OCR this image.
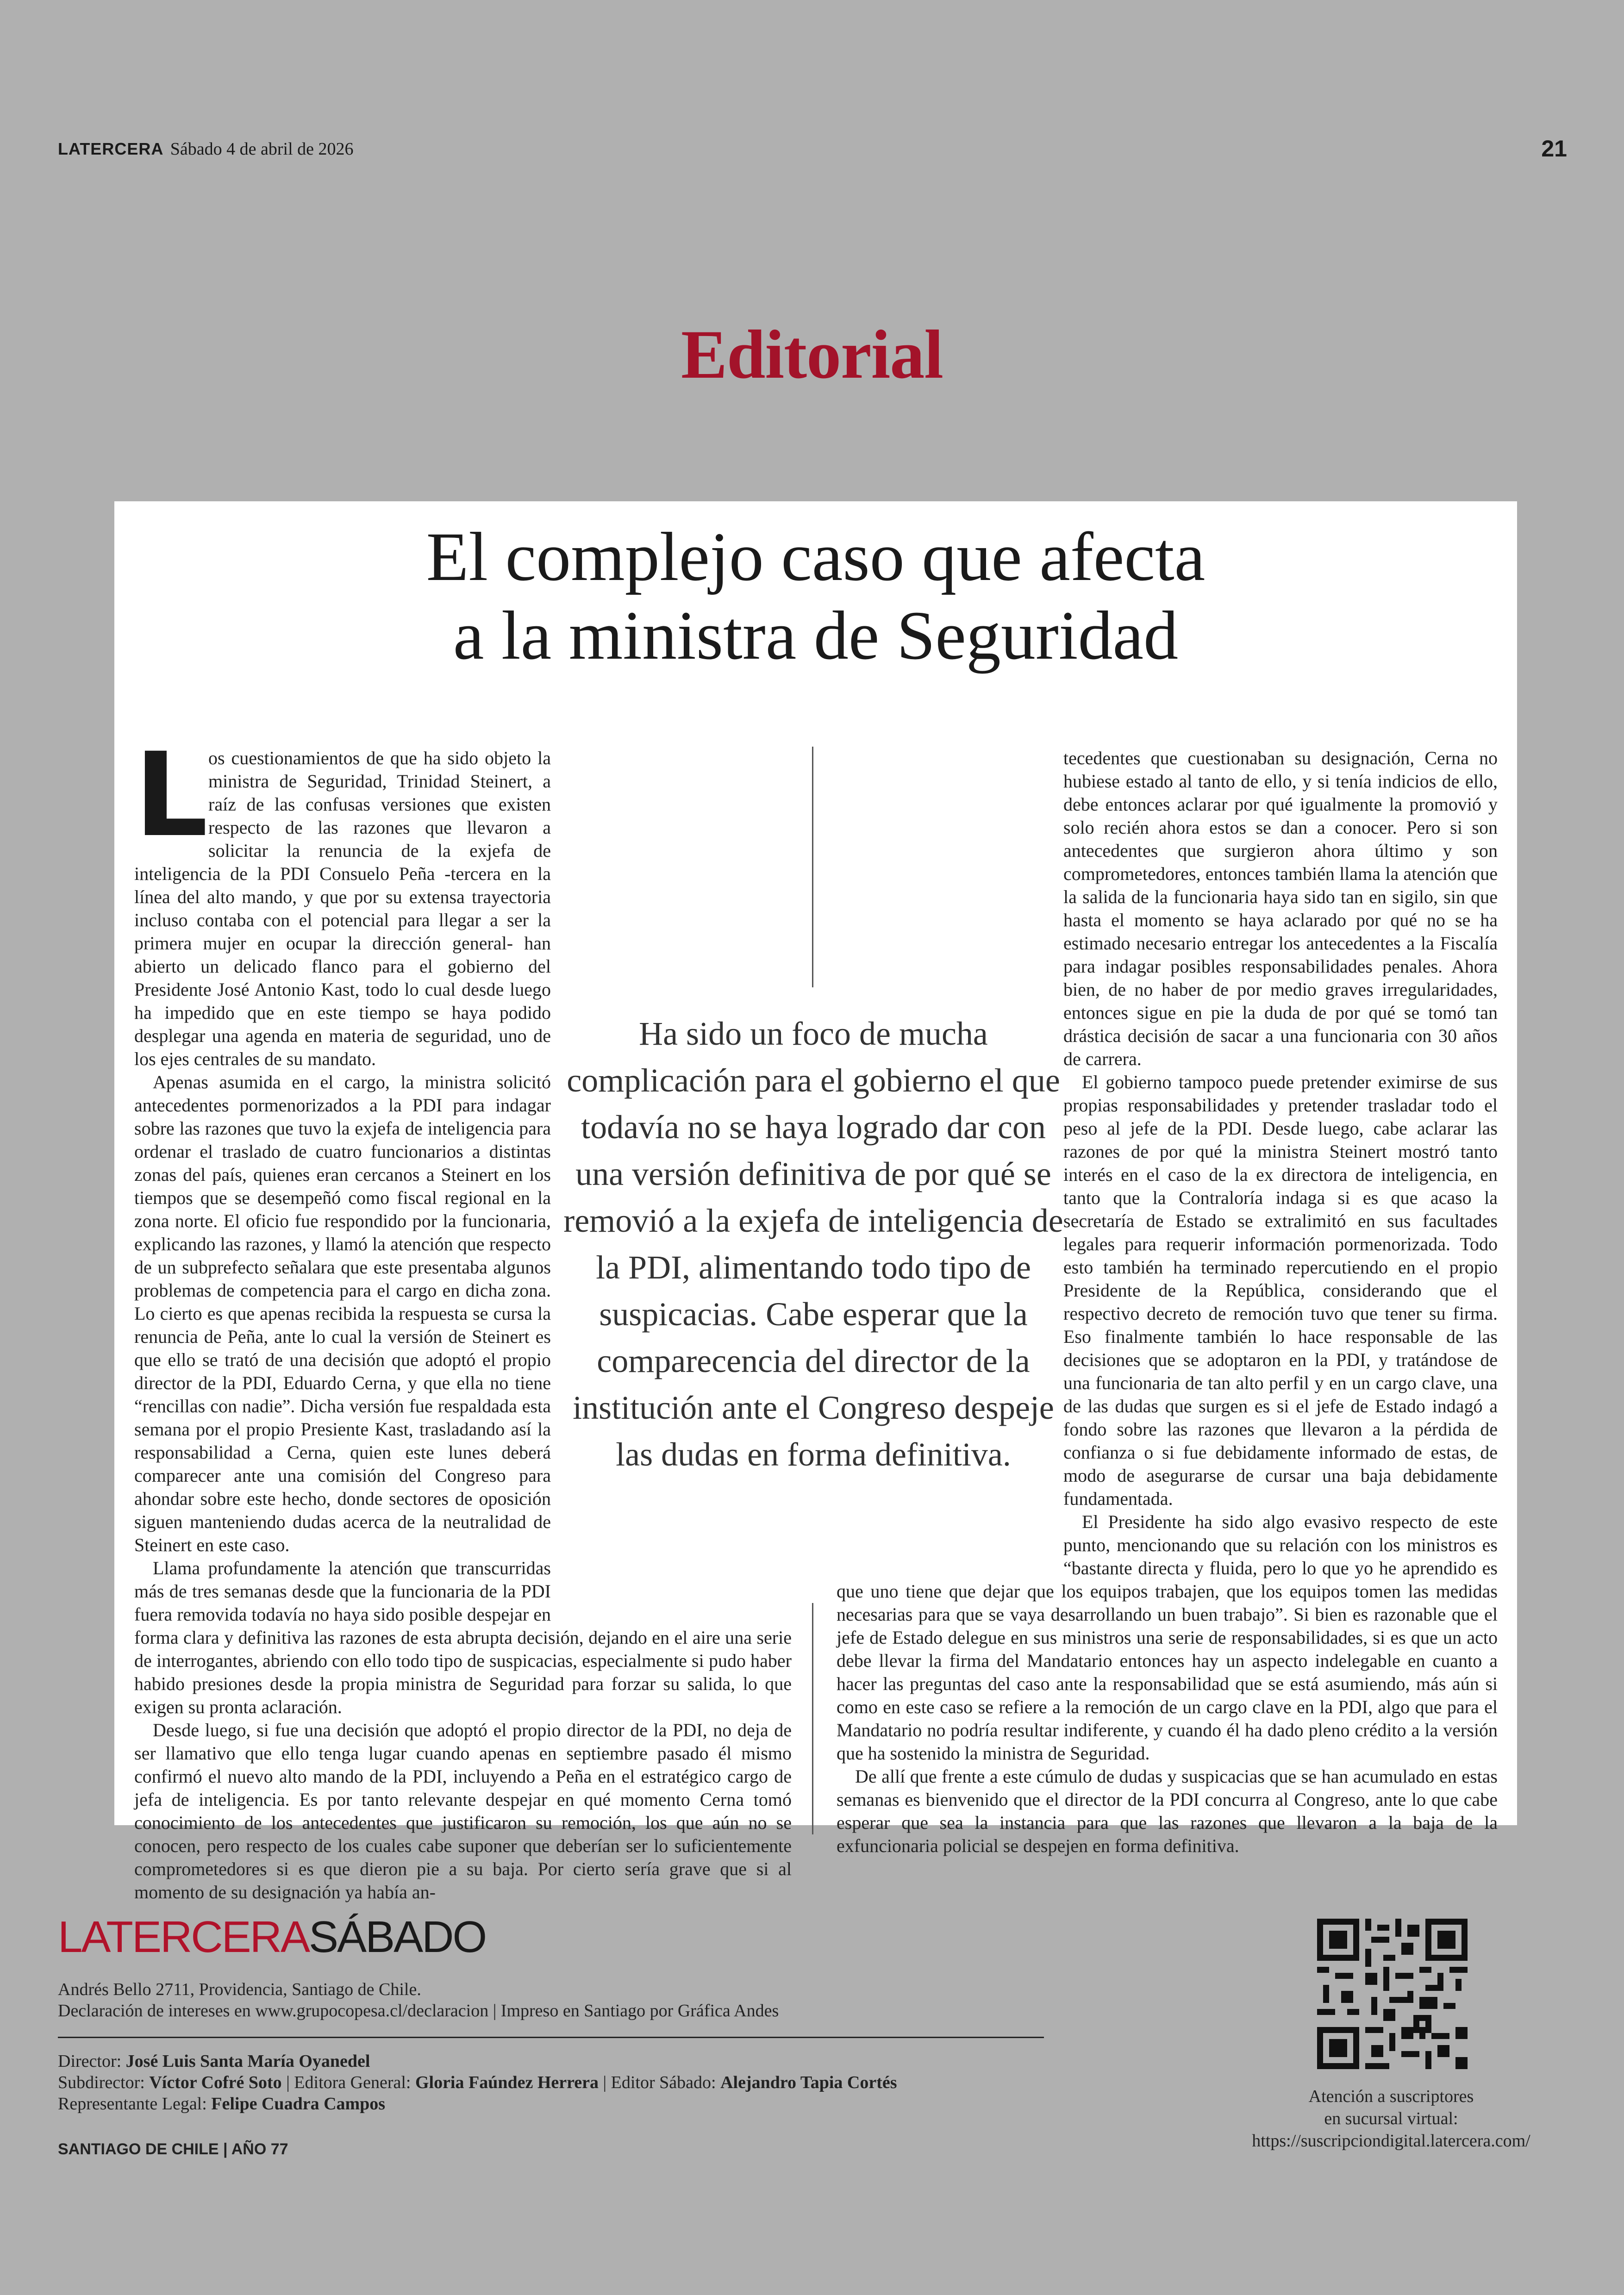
LATERCERA Sábado 4 de abril de 2026	21
Editorial
El complejo caso que afecta
a la ministra de Seguridad
L os cuestionamientos de que ha sido objeto la ministra de Seguridad, Trinidad Steinert, a raíz de las confusas versiones que existen respecto de las razones que llevaron a solicitar la renuncia de la exjefa de inteligencia de la PDI Consuelo Peña -tercera en la línea del alto mando, y que por su extensa trayectoria incluso contaba con el potencial para llegar a ser la primera mujer en ocupar la dirección general- han abierto un delicado flanco para el gobierno del Presidente José Antonio Kast, todo lo cual desde luego ha impedido que en este tiempo se haya podido desplegar una agenda en materia de seguridad, uno de los ejes centrales de su mandato.

Apenas asumida en el cargo, la ministra solicitó antecedentes pormenorizados a la PDI para indagar sobre las razones que tuvo la exjefa de inteligencia para ordenar el traslado de cuatro funcionarios a distintas zonas del país, quienes eran cercanos a Steinert en los tiempos que se desempeñó como fiscal regional en la zona norte. El oficio fue respondido por la funcionaria, explicando las razones, y llamó la atención que respecto de un subprefecto señalara que este presentaba algunos problemas de competencia para el cargo en dicha zona. Lo cierto es que apenas recibida la respuesta se cursa la renuncia de Peña, ante lo cual la versión de Steinert es que ello se trató de una decisión que adoptó el propio director de la PDI, Eduardo Cerna, y que ella no tiene “rencillas con nadie”. Dicha versión fue respaldada esta semana por el propio Presiente Kast, trasladando así la responsabilidad a Cerna, quien este lunes deberá comparecer ante una comisión del Congreso para ahondar sobre este hecho, donde sectores de oposición siguen manteniendo dudas acerca de la neutralidad de Steinert en este caso.

Llama profundamente la atención que transcurridas más de tres semanas desde que la funcionaria de la PDI fuera removida todavía no haya sido posible despejar en forma clara y definitiva las razones de esta abrupta decisión, dejando en el aire una serie de interrogantes, abriendo con ello todo tipo de suspicacias, especialmente si pudo haber habido presiones desde la propia ministra de Seguridad para forzar su salida, lo que exigen su pronta aclaración.

Desde luego, si fue una decisión que adoptó el propio director de la PDI, no deja de ser llamativo que ello tenga lugar cuando apenas en septiembre pasado él mismo confirmó el nuevo alto mando de la PDI, incluyendo a Peña en el estratégico cargo de jefa de inteligencia. Es por tanto relevante despejar en qué momento Cerna tomó conocimiento de los antecedentes que justificaron su remoción, los que aún no se conocen, pero respecto de los cuales cabe suponer que deberían ser lo suficientemente comprometedores si es que dieron pie a su baja. Por cierto sería grave que si al momento de su designación ya había an-

tecedentes que cuestionaban su designación, Cerna no hubiese estado al tanto de ello, y si tenía indicios de ello, debe entonces aclarar por qué igualmente la promovió y solo recién ahora estos se dan a conocer. Pero si son antecedentes que surgieron ahora último y son comprometedores, entonces también llama la atención que la salida de la funcionaria haya sido tan en sigilo, sin que hasta el momento se haya aclarado por qué no se ha estimado necesario entregar los antecedentes a la Fiscalía para indagar posibles responsabilidades penales. Ahora bien, de no haber de por medio graves irregularidades, entonces sigue en pie la duda de por qué se tomó tan drástica decisión de sacar a una funcionaria con 30 años de carrera.

El gobierno tampoco puede pretender eximirse de sus propias responsabilidades y pretender trasladar todo el peso al jefe de la PDI. Desde luego, cabe aclarar las razones de por qué la ministra Steinert mostró tanto interés en el caso de la ex directora de inteligencia, en tanto que la Contraloría indaga si es que acaso la secretaría de Estado se extralimitó en sus facultades legales para requerir información pormenorizada. Todo esto también ha terminado repercutiendo en el propio Presidente de la República, considerando que el respectivo decreto de remoción tuvo que tener su firma. Eso finalmente también lo hace responsable de las decisiones que se adoptaron en la PDI, y tratándose de una funcionaria de tan alto perfil y en un cargo clave, una de las dudas que surgen es si el jefe de Estado indagó a fondo sobre las razones que llevaron a la pérdida de confianza o si fue debidamente informado de estas, de modo de asegurarse de cursar una baja debidamente fundamentada.

El Presidente ha sido algo evasivo respecto de este punto, mencionando que su relación con los ministros es “bastante directa y fluida, pero lo que yo he aprendido es que uno tiene que dejar que los equipos trabajen, que los equipos tomen las medidas necesarias para que se vaya desarrollando un buen trabajo”. Si bien es razonable que el jefe de Estado delegue en sus ministros una serie de responsabilidades, si es que un acto debe llevar la firma del Mandatario entonces hay un aspecto indelegable en cuanto a hacer las preguntas del caso ante la responsabilidad que se está asumiendo, más aún si como en este caso se refiere a la remoción de un cargo clave en la PDI, algo que para el Mandatario no podría resultar indiferente, y cuando él ha dado pleno crédito a la versión que ha sostenido la ministra de Seguridad.

De allí que frente a este cúmulo de dudas y suspicacias que se han acumulado en estas semanas es bienvenido que el director de la PDI concurra al Congreso, ante lo que cabe esperar que sea la instancia para que las razones que llevaron a la baja de la exfuncionaria policial se despejen en forma definitiva.

Ha sido un foco de mucha complicación para el gobierno el que todavía no se haya logrado dar con una versión definitiva de por qué se removió a la exjefa de inteligencia de la PDI, alimentando todo tipo de suspicacias. Cabe esperar que la comparecencia del director de la institución ante el Congreso despeje las dudas en forma definitiva.
LATERCERASÁBADO
Andrés Bello 2711, Providencia, Santiago de Chile.
Declaración de intereses en www.grupocopesa.cl/declaracion | Impreso en Santiago por Gráfica Andes
Director: José Luis Santa María Oyanedel
Subdirector: Víctor Cofré Soto | Editora General: Gloria Faúndez Herrera | Editor Sábado: Alejandro Tapia Cortés
Representante Legal: Felipe Cuadra Campos
SANTIAGO DE CHILE | AÑO 77
Atención a suscriptores
en sucursal virtual:
https://suscripciondigital.latercera.com/
